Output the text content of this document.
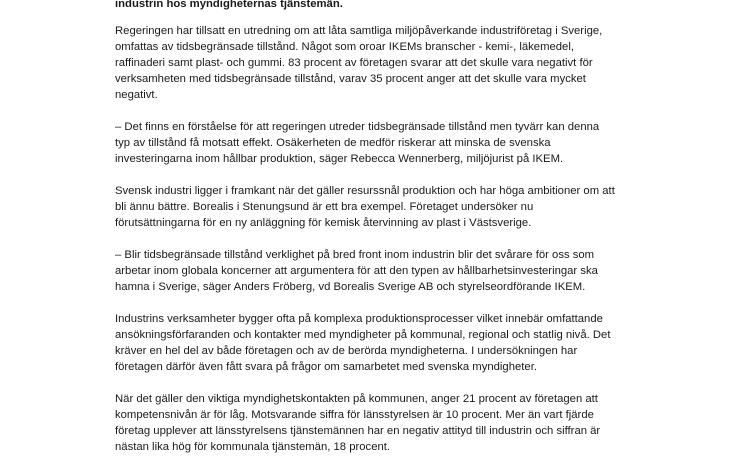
industrin hos myndigheternas tjänstemän.
Regeringen har tillsatt en utredning om att låta samtliga miljöpåverkande industriföretag i Sverige,
omfattas av tidsbegränsade tillstånd. Något som oroar IKEMs branscher - kemi-, läkemedel,
raffinaderi samt plast- och gummi. 83 procent av företagen svarar att det skulle vara negativt för
verksamheten med tidsbegränsade tillstånd, varav 35 procent anger att det skulle vara mycket
negativt.
– Det finns en förståelse för att regeringen utreder tidsbegränsade tillstånd men tyvärr kan denna
typ av tillstånd få motsatt effekt. Osäkerheten de medför riskerar att minska de svenska
investeringarna inom hållbar produktion, säger Rebecca Wennerberg, miljöjurist på IKEM.
Svensk industri ligger i framkant när det gäller resurssnål produktion och har höga ambitioner om att
bli ännu bättre. Borealis i Stenungsund är ett bra exempel. Företaget undersöker nu
förutsättningarna för en ny anläggning för kemisk återvinning av plast i Västsverige.
– Blir tidsbegränsade tillstånd verklighet på bred front inom industrin blir det svårare för oss som
arbetar inom globala koncerner att argumentera för att den typen av hållbarhetsinvesteringar ska
hamna i Sverige, säger Anders Fröberg, vd Borealis Sverige AB och styrelseordförande IKEM.
Industrins verksamheter bygger ofta på komplexa produktionsprocesser vilket innebär omfattande
ansökningsförfaranden och kontakter med myndigheter på kommunal, regional och statlig nivå. Det
kräver en hel del av både företagen och av de berörda myndigheterna. I undersökningen har
företagen därför även fått svara på frågor om samarbetet med svenska myndigheter.
När det gäller den viktiga myndighetskontakten på kommunen, anger 21 procent av företagen att
kompetensnivån är för låg. Motsvarande siffra för länsstyrelsen är 10 procent. Mer än vart fjärde
företag upplever att länsstyrelsens tjänstemännen har en negativ attityd till industrin och siffran är
nästan lika hög för kommunala tjänstemän, 18 procent.
